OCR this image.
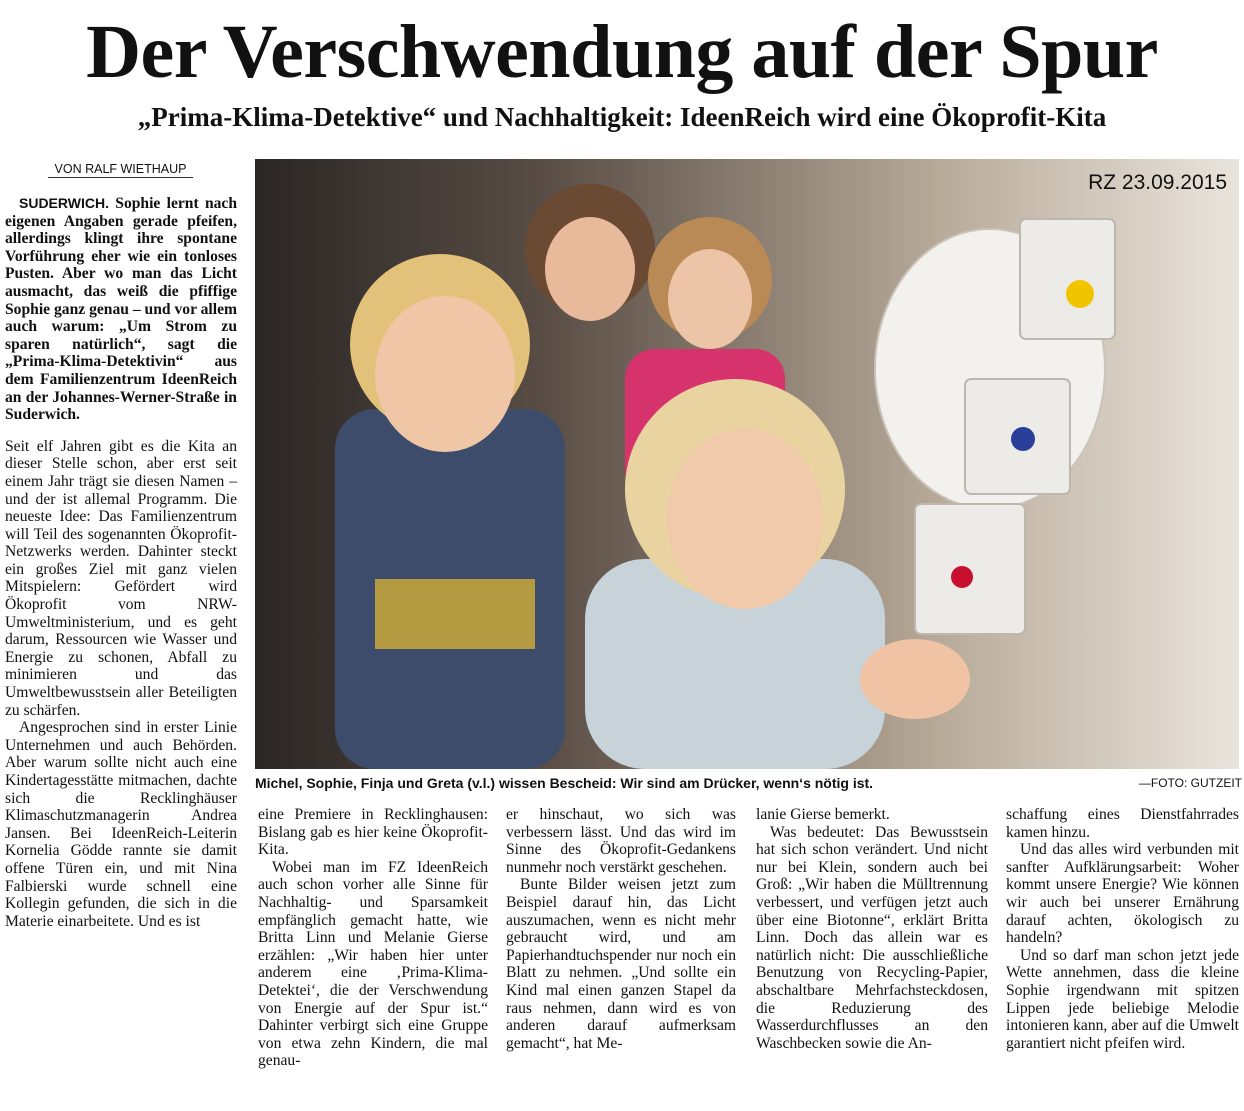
Der Verschwendung auf der Spur
„Prima-Klima-Detektive“ und Nachhaltigkeit: IdeenReich wird eine Ökoprofit-Kita
VON RALF WIETHAUP

SUDERWICH. Sophie lernt nach eigenen Angaben gerade pfeifen, allerdings klingt ihre spontane Vorführung eher wie ein tonloses Pusten. Aber wo man das Licht ausmacht, das weiß die pfiffige Sophie ganz genau – und vor allem auch warum: „Um Strom zu sparen natürlich“, sagt die „Prima-Klima-Detektivin“ aus dem Familienzentrum IdeenReich an der Johannes-Werner-Straße in Suderwich.

Seit elf Jahren gibt es die Kita an dieser Stelle schon, aber erst seit einem Jahr trägt sie diesen Namen – und der ist allemal Programm. Die neueste Idee: Das Familienzentrum will Teil des sogenannten Ökoprofit-Netzwerks werden. Dahinter steckt ein großes Ziel mit ganz vielen Mitspielern: Gefördert wird Ökoprofit vom NRW-Umweltministerium, und es geht darum, Ressourcen wie Wasser und Energie zu schonen, Abfall zu minimieren und das Umweltbewusstsein aller Beteiligten zu schärfen.

Angesprochen sind in erster Linie Unternehmen und auch Behörden. Aber warum sollte nicht auch eine Kindertagesstätte mitmachen, dachte sich die Recklinghäuser Klimaschutzmanagerin Andrea Jansen. Bei IdeenReich-Leiterin Kornelia Gödde rannte sie damit offene Türen ein, und mit Nina Falbierski wurde schnell eine Kollegin gefunden, die sich in die Materie einarbeitete. Und es ist

RZ 23.09.2015
Michel, Sophie, Finja und Greta (v.l.) wissen Bescheid: Wir sind am Drücker, wenn‘s nötig ist.	—FOTO: GUTZEIT

eine Premiere in Recklinghausen: Bislang gab es hier keine Ökoprofit-Kita.

Wobei man im FZ IdeenReich auch schon vorher alle Sinne für Nachhaltig- und Sparsamkeit empfänglich gemacht hatte, wie Britta Linn und Melanie Gierse erzählen: „Wir haben hier unter anderem eine ‚Prima-Klima-Detektei‘, die der Verschwendung von Energie auf der Spur ist.“ Dahinter verbirgt sich eine Gruppe von etwa zehn Kindern, die mal genau-

er hinschaut, wo sich was verbessern lässt. Und das wird im Sinne des Ökoprofit-Gedankens nunmehr noch verstärkt geschehen.

Bunte Bilder weisen jetzt zum Beispiel darauf hin, das Licht auszumachen, wenn es nicht mehr gebraucht wird, und am Papierhandtuchspender nur noch ein Blatt zu nehmen. „Und sollte ein Kind mal einen ganzen Stapel da raus nehmen, dann wird es von anderen darauf aufmerksam gemacht“, hat Me-

lanie Gierse bemerkt.

Was bedeutet: Das Bewusstsein hat sich schon verändert. Und nicht nur bei Klein, sondern auch bei Groß: „Wir haben die Mülltrennung verbessert, und verfügen jetzt auch über eine Biotonne“, erklärt Britta Linn. Doch das allein war es natürlich nicht: Die ausschließliche Benutzung von Recycling-Papier, abschaltbare Mehrfachsteckdosen, die Reduzierung des Wasserdurchflusses an den Waschbecken sowie die An-

schaffung eines Dienstfahrrades kamen hinzu.

Und das alles wird verbunden mit sanfter Aufklärungsarbeit: Woher kommt unsere Energie? Wie können wir auch bei unserer Ernährung darauf achten, ökologisch zu handeln?

Und so darf man schon jetzt jede Wette annehmen, dass die kleine Sophie irgendwann mit spitzen Lippen jede beliebige Melodie intonieren kann, aber auf die Umwelt garantiert nicht pfeifen wird.
